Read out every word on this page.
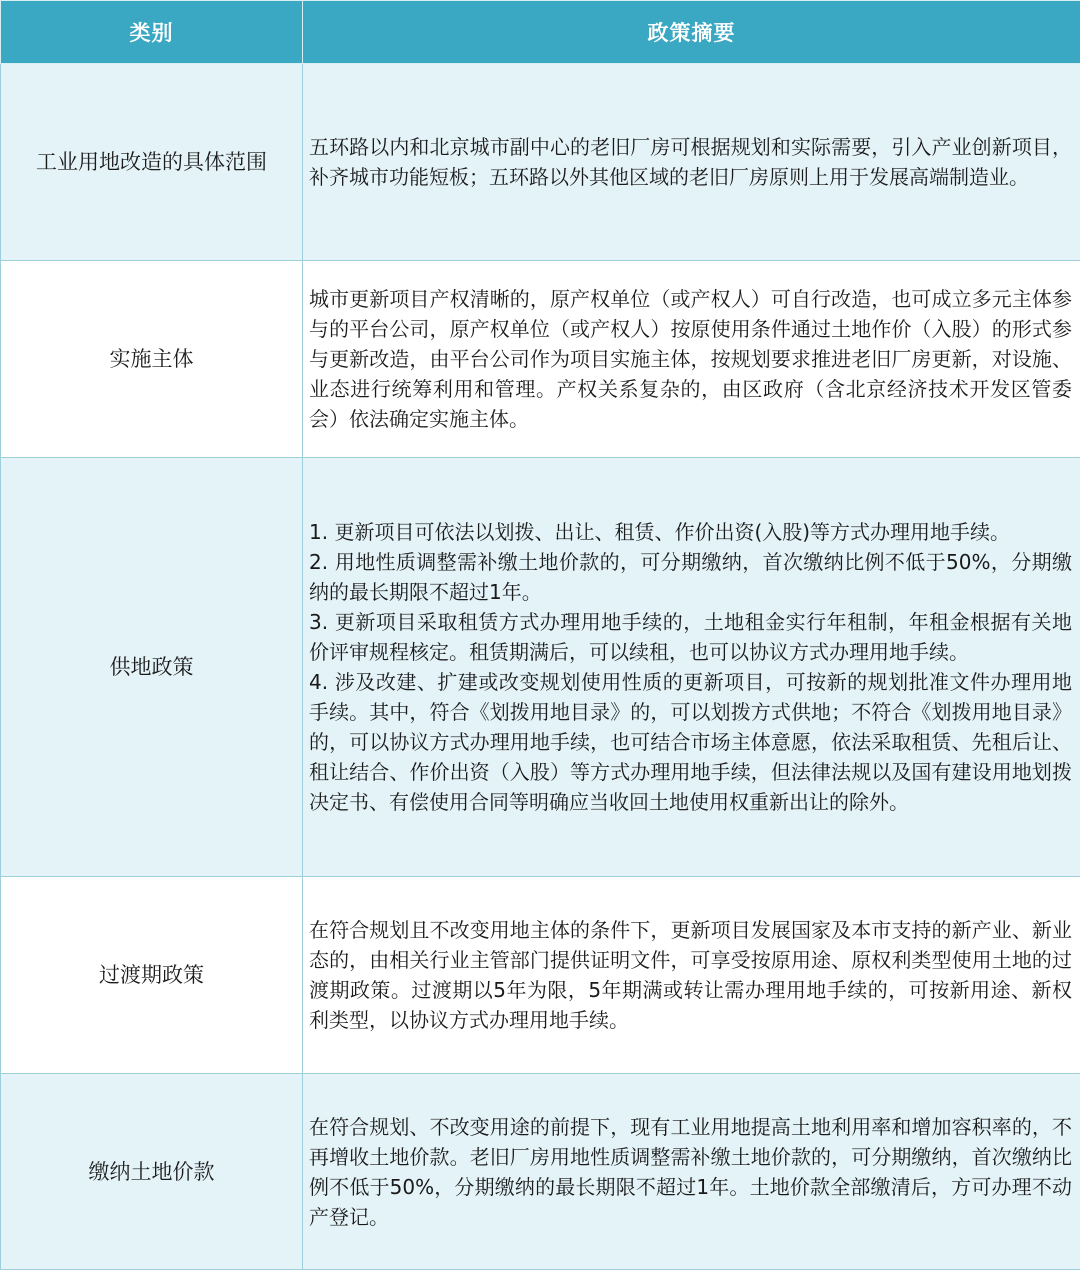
类别	政策摘要
工业用地改造的具体范围	五环路以内和北京城市副中心的老旧厂房可根据规划和实际需要，引入产业创新项目，补齐城市功能短板；五环路以外其他区域的老旧厂房原则上用于发展高端制造业。

实施主体	城市更新项目产权清晰的，原产权单位（或产权人）可自行改造，也可成立多元主体参与的平台公司，原产权单位（或产权人）按原使用条件通过土地作价（入股）的形式参与更新改造，由平台公司作为项目实施主体，按规划要求推进老旧厂房更新，对设施、业态进行统筹利用和管理。产权关系复杂的，由区政府（含北京经济技术开发区管委会）依法确定实施主体。

供地政策	1. 更新项目可依法以划拨、出让、租赁、作价出资(入股)等方式办理用地手续。

2. 用地性质调整需补缴土地价款的，可分期缴纳，首次缴纳比例不低于50%，分期缴纳的最长期限不超过1年。

3. 更新项目采取租赁方式办理用地手续的，土地租金实行年租制，年租金根据有关地价评审规程核定。租赁期满后，可以续租，也可以协议方式办理用地手续。

4. 涉及改建、扩建或改变规划使用性质的更新项目，可按新的规划批准文件办理用地手续。其中，符合《划拨用地目录》的，可以划拨方式供地；不符合《划拨用地目录》的，可以协议方式办理用地手续，也可结合市场主体意愿，依法采取租赁、先租后让、租让结合、作价出资（入股）等方式办理用地手续，但法律法规以及国有建设用地划拨决定书、有偿使用合同等明确应当收回土地使用权重新出让的除外。

过渡期政策	在符合规划且不改变用地主体的条件下，更新项目发展国家及本市支持的新产业、新业态的，由相关行业主管部门提供证明文件，可享受按原用途、原权利类型使用土地的过渡期政策。过渡期以5年为限，5年期满或转让需办理用地手续的，可按新用途、新权利类型，以协议方式办理用地手续。

缴纳土地价款	在符合规划、不改变用途的前提下，现有工业用地提高土地利用率和增加容积率的，不再增收土地价款。老旧厂房用地性质调整需补缴土地价款的，可分期缴纳，首次缴纳比例不低于50%，分期缴纳的最长期限不超过1年。土地价款全部缴清后，方可办理不动产登记。
